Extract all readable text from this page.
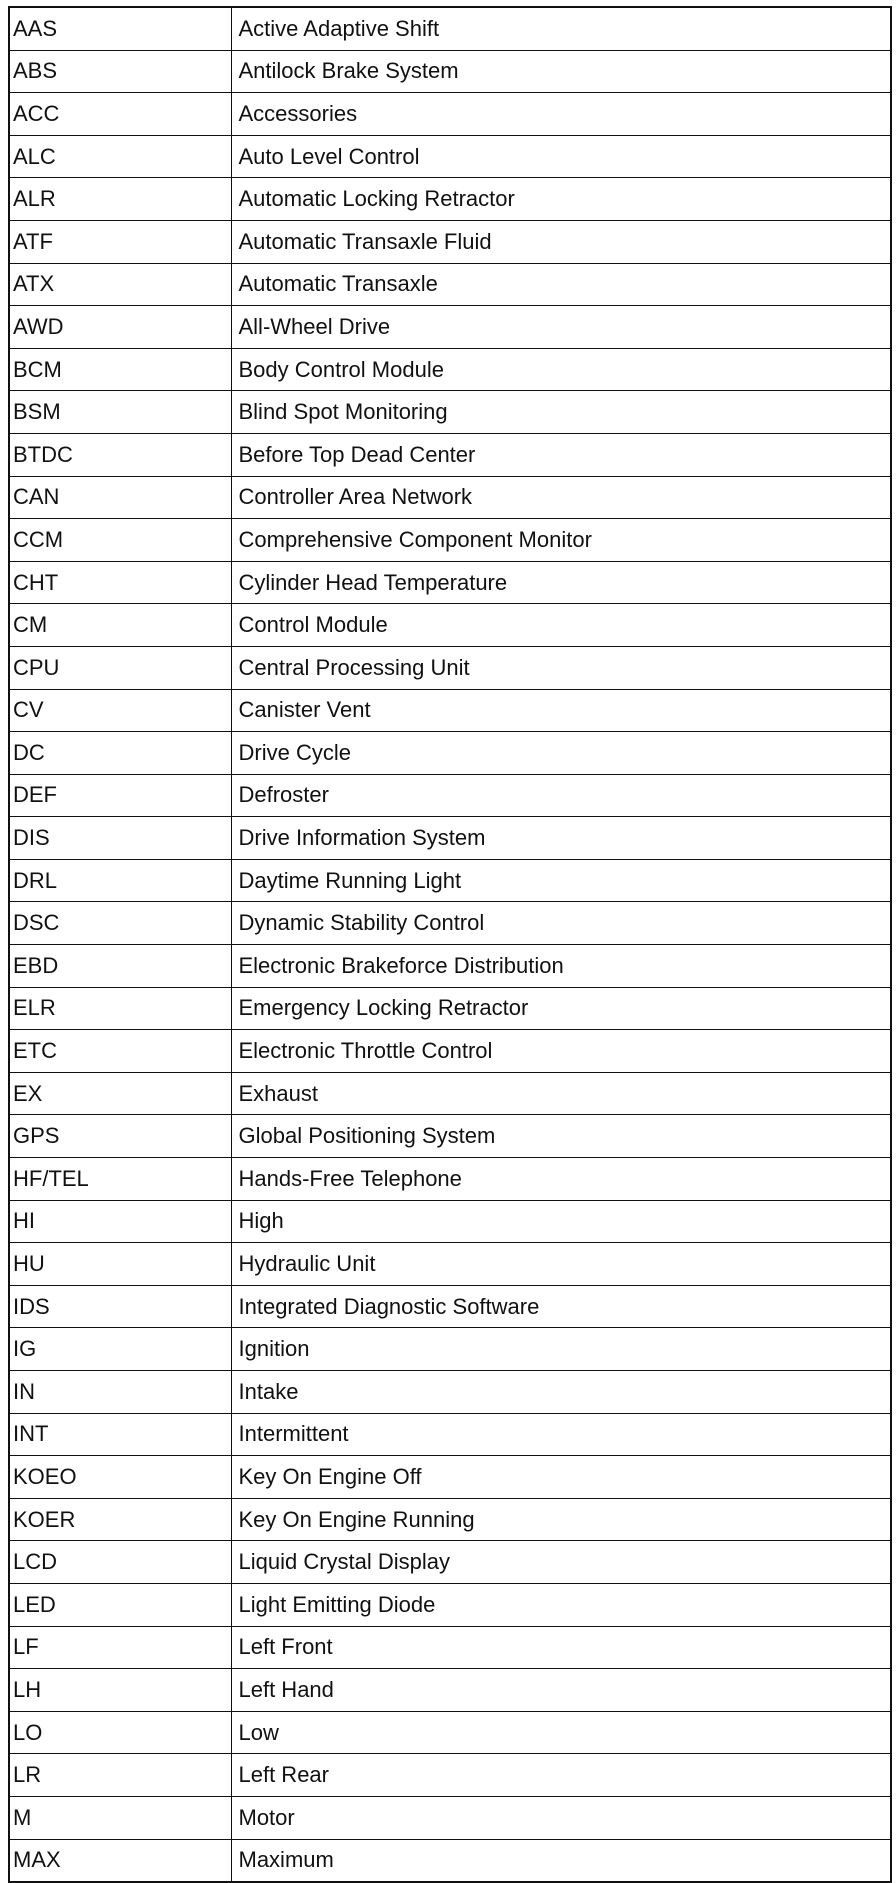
AAS	Active Adaptive Shift
ABS	Antilock Brake System
ACC	Accessories
ALC	Auto Level Control
ALR	Automatic Locking Retractor
ATF	Automatic Transaxle Fluid
ATX	Automatic Transaxle
AWD	All-Wheel Drive
BCM	Body Control Module
BSM	Blind Spot Monitoring
BTDC	Before Top Dead Center
CAN	Controller Area Network
CCM	Comprehensive Component Monitor
CHT	Cylinder Head Temperature
CM	Control Module
CPU	Central Processing Unit
CV	Canister Vent
DC	Drive Cycle
DEF	Defroster
DIS	Drive Information System
DRL	Daytime Running Light
DSC	Dynamic Stability Control
EBD	Electronic Brakeforce Distribution
ELR	Emergency Locking Retractor
ETC	Electronic Throttle Control
EX	Exhaust
GPS	Global Positioning System
HF/TEL	Hands-Free Telephone
HI	High
HU	Hydraulic Unit
IDS	Integrated Diagnostic Software
IG	Ignition
IN	Intake
INT	Intermittent
KOEO	Key On Engine Off
KOER	Key On Engine Running
LCD	Liquid Crystal Display
LED	Light Emitting Diode
LF	Left Front
LH	Left Hand
LO	Low
LR	Left Rear
M	Motor
MAX	Maximum
